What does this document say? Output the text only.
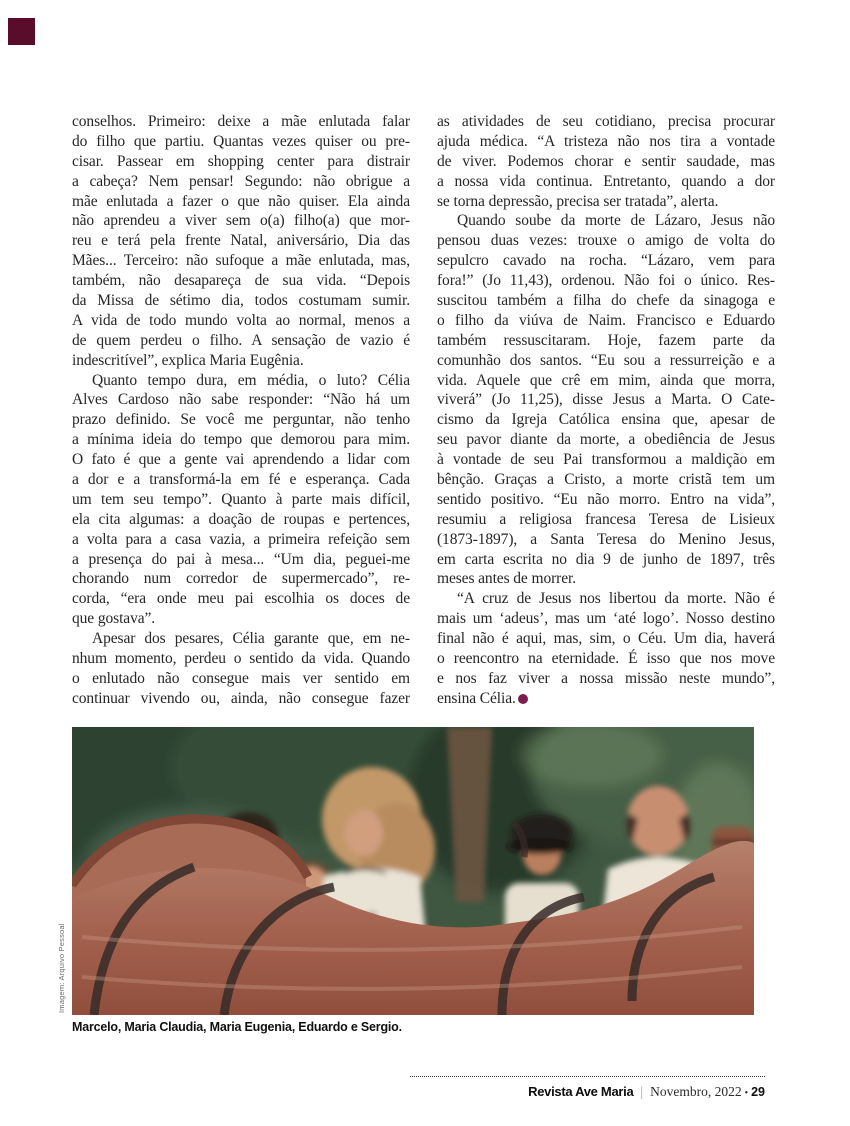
conselhos. Primeiro: deixe a mãe enlutada falar
do filho que partiu. Quantas vezes quiser ou pre-
cisar. Passear em shopping center para distrair
a cabeça? Nem pensar! Segundo: não obrigue a
mãe enlutada a fazer o que não quiser. Ela ainda
não aprendeu a viver sem o(a) filho(a) que mor-
reu e terá pela frente Natal, aniversário, Dia das
Mães... Terceiro: não sufoque a mãe enlutada, mas,
também, não desapareça de sua vida. “Depois
da Missa de sétimo dia, todos costumam sumir.
A vida de todo mundo volta ao normal, menos a
de quem perdeu o filho. A sensação de vazio é
indescritível”, explica Maria Eugênia.
Quanto tempo dura, em média, o luto? Célia
Alves Cardoso não sabe responder: “Não há um
prazo definido. Se você me perguntar, não tenho
a mínima ideia do tempo que demorou para mim.
O fato é que a gente vai aprendendo a lidar com
a dor e a transformá-la em fé e esperança. Cada
um tem seu tempo”. Quanto à parte mais difícil,
ela cita algumas: a doação de roupas e pertences,
a volta para a casa vazia, a primeira refeição sem
a presença do pai à mesa... “Um dia, peguei-me
chorando num corredor de supermercado”, re-
corda, “era onde meu pai escolhia os doces de
que gostava”.
Apesar dos pesares, Célia garante que, em ne-
nhum momento, perdeu o sentido da vida. Quando
o enlutado não consegue mais ver sentido em
continuar vivendo ou, ainda, não consegue fazer
as atividades de seu cotidiano, precisa procurar
ajuda médica. “A tristeza não nos tira a vontade
de viver. Podemos chorar e sentir saudade, mas
a nossa vida continua. Entretanto, quando a dor
se torna depressão, precisa ser tratada”, alerta.
Quando soube da morte de Lázaro, Jesus não
pensou duas vezes: trouxe o amigo de volta do
sepulcro cavado na rocha. “Lázaro, vem para
fora!” (Jo 11,43), ordenou. Não foi o único. Res-
suscitou também a filha do chefe da sinagoga e
o filho da viúva de Naim. Francisco e Eduardo
também ressuscitaram. Hoje, fazem parte da
comunhão dos santos. “Eu sou a ressurreição e a
vida. Aquele que crê em mim, ainda que morra,
viverá” (Jo 11,25), disse Jesus a Marta. O Cate-
cismo da Igreja Católica ensina que, apesar de
seu pavor diante da morte, a obediência de Jesus
à vontade de seu Pai transformou a maldição em
bênção. Graças a Cristo, a morte cristã tem um
sentido positivo. “Eu não morro. Entro na vida”,
resumiu a religiosa francesa Teresa de Lisieux
(1873-1897), a Santa Teresa do Menino Jesus,
em carta escrita no dia 9 de junho de 1897, três
meses antes de morrer.
“A cruz de Jesus nos libertou da morte. Não é
mais um ‘adeus’, mas um ‘até logo’. Nosso destino
final não é aqui, mas, sim, o Céu. Um dia, haverá
o reencontro na eternidade. É isso que nos move
e nos faz viver a nossa missão neste mundo”,
ensina Célia.
Imagem: Arquivo Pessoal
Marcelo, Maria Claudia, Maria Eugenia, Eduardo e Sergio.
Revista Ave Maria | Novembro, 2022 • 29
